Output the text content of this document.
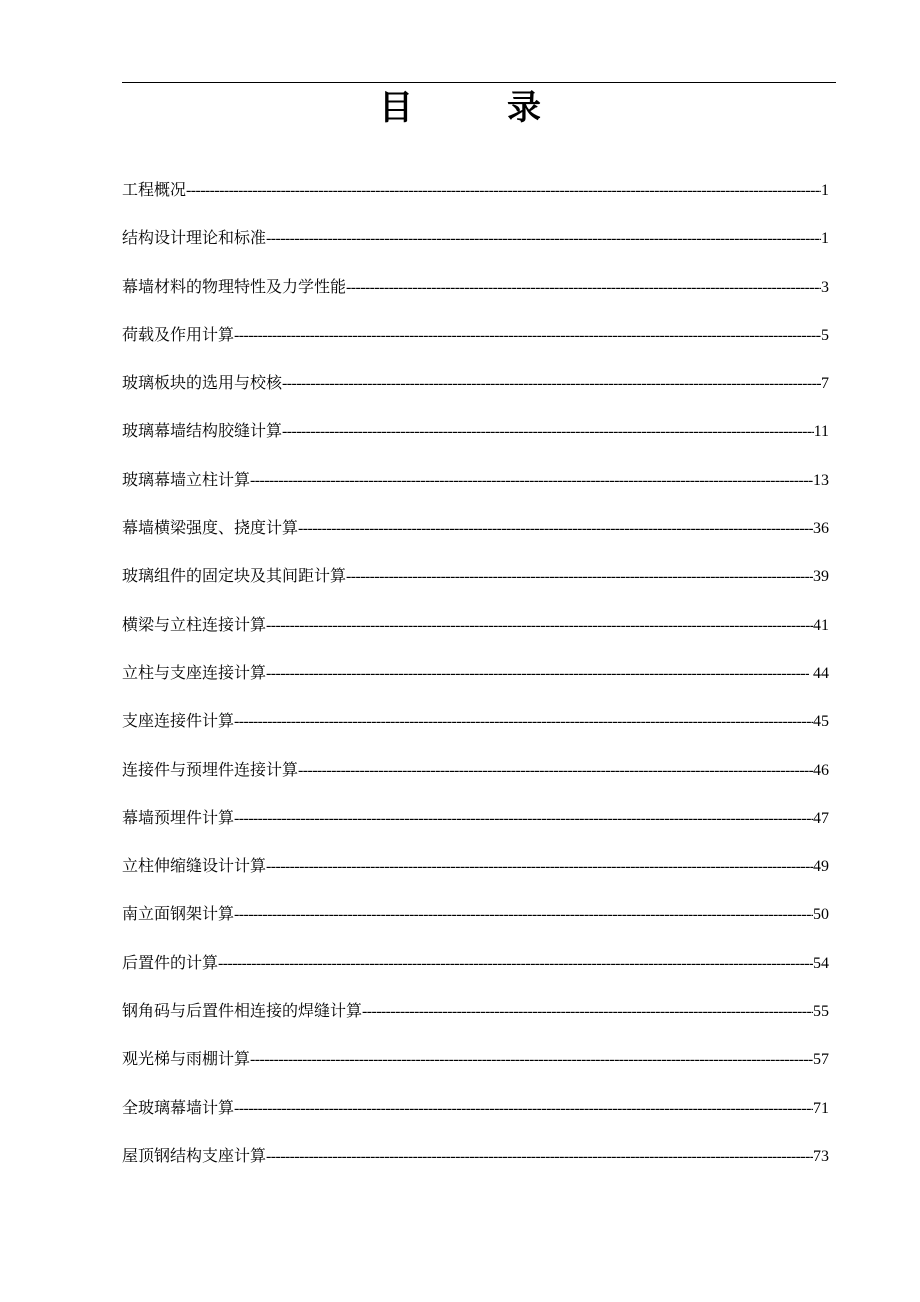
目　录
工程概况 -----	1
结构设计理论和标准 -----	1
幕墙材料的物理特性及力学性能 -----	3
荷载及作用计算 -----	5
玻璃板块的选用与校核 -----	7
玻璃幕墙结构胶缝计算 -----	11
玻璃幕墙立柱计算 -----	13
幕墙横梁强度、挠度计算 -----	36
玻璃组件的固定块及其间距计算 -----	39
横梁与立柱连接计算 -----	41
立柱与支座连接计算 -----	44
支座连接件计算 -----	45
连接件与预埋件连接计算 -----	46
幕墙预埋件计算 -----	47
立柱伸缩缝设计计算 -----	49
南立面钢架计算 -----	50
后置件的计算 -----	54
钢角码与后置件相连接的焊缝计算 -----	55
观光梯与雨棚计算 -----	57
全玻璃幕墙计算 -----	71
屋顶钢结构支座计算 -----	73
